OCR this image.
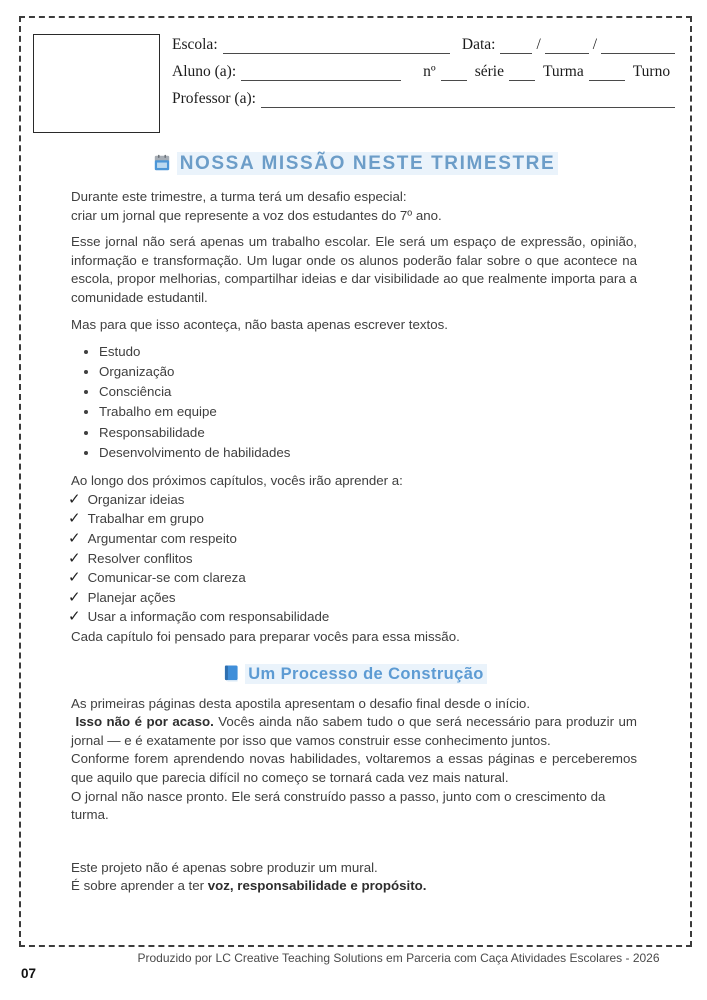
Escola:	Data:	/	/
Aluno (a):	nº	série	Turma	Turno
Professor (a):
NOSSA MISSÃO NESTE TRIMESTRE

Durante este trimestre, a turma terá um desafio especial:

criar um jornal que represente a voz dos estudantes do 7º ano.

Esse jornal não será apenas um trabalho escolar. Ele será um espaço de expressão, opinião, informação e transformação. Um lugar onde os alunos poderão falar sobre o que acontece na escola, propor melhorias, compartilhar ideias e dar visibilidade ao que realmente importa para a comunidade estudantil.

Mas para que isso aconteça, não basta apenas escrever textos.

• Estudo
• Organização
• Consciência
• Trabalho em equipe
• Responsabilidade
• Desenvolvimento de habilidades

Ao longo dos próximos capítulos, vocês irão aprender a:

✓ Organizar ideias
✓ Trabalhar em grupo
✓ Argumentar com respeito
✓ Resolver conflitos
✓ Comunicar-se com clareza
✓ Planejar ações
✓ Usar a informação com responsabilidade

Cada capítulo foi pensado para preparar vocês para essa missão.

Um Processo de Construção

As primeiras páginas desta apostila apresentam o desafio final desde o início.

Isso não é por acaso. Vocês ainda não sabem tudo o que será necessário para produzir um jornal — e é exatamente por isso que vamos construir esse conhecimento juntos.

Conforme forem aprendendo novas habilidades, voltaremos a essas páginas e perceberemos que aquilo que parecia difícil no começo se tornará cada vez mais natural.

O jornal não nasce pronto. Ele será construído passo a passo, junto com o crescimento da turma.

Este projeto não é apenas sobre produzir um mural.

É sobre aprender a ter voz, responsabilidade e propósito.

Produzido por LC Creative Teaching Solutions em Parceria com Caça Atividades Escolares - 2026
07
